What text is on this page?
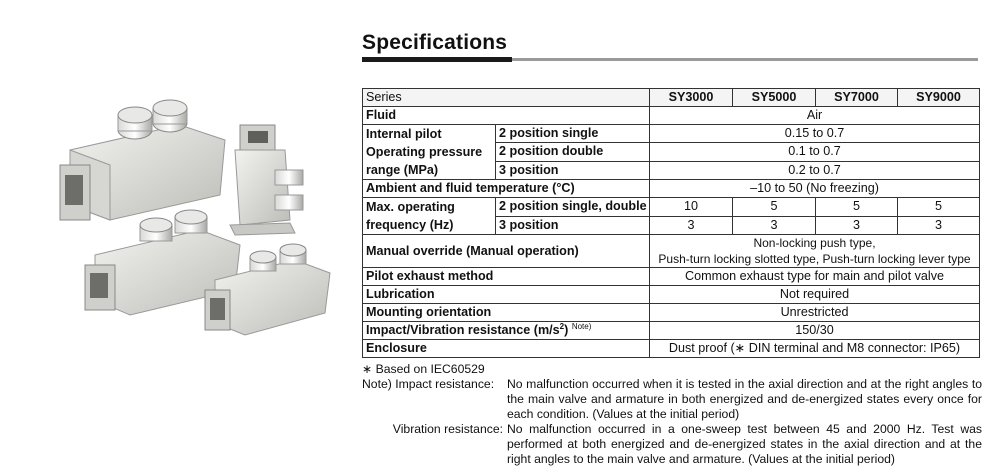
Specifications
Series		SY3000	SY5000	SY7000	SY9000
Fluid		Air			

Internal pilot
Operating pressure
range (MPa)	2 position single	0.15 to 0.7			
	2 position double	0.1 to 0.7			
	3 position	0.2 to 0.7			
Ambient and fluid temperature (°C)		–10 to 50 (No freezing)			

Max. operating
frequency (Hz)	2 position single, double	10	5	5	5
	3 position	3	3	3	3
Manual override (Manual operation)		Non-locking push type,
Push-turn locking slotted type, Push-turn locking lever type			

Pilot exhaust method		Common exhaust type for main and pilot valve			
Lubrication		Not required			
Mounting orientation		Unrestricted			
Impact/Vibration resistance $(m/s^2)$ $^{Note)}$		150/30			
Enclosure		Dust proof (∗ DIN terminal and M8 connector: IP65)			
∗ Based on IEC60529
Note) Impact resistance:	No malfunction occurred when it is tested in the axial direction and at the right angles to the main valve and armature in both energized and de-energized states every once for each condition. (Values at the initial period)
Vibration resistance: No malfunction occurred in a one-sweep test between 45 and 2000 Hz. Test was performed at both energized and de-energized states in the axial direction and at the right angles to the main valve and armature. (Values at the initial period)
